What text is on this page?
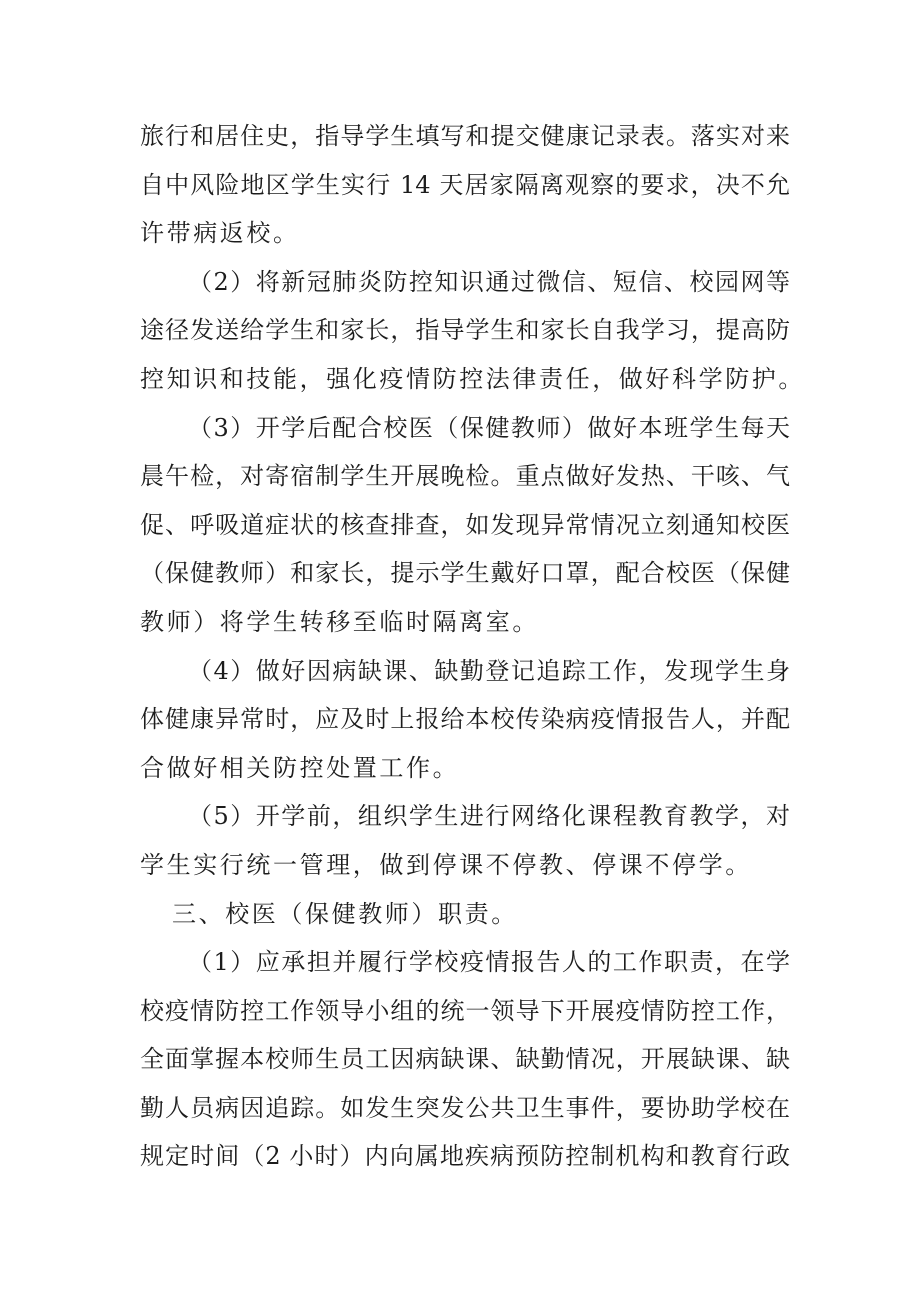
旅行和居住史，指导学生填写和提交健康记录表。落实对来
自中风险地区学生实行 14 天居家隔离观察的要求，决不允
许带病返校。
（2）将新冠肺炎防控知识通过微信、短信、校园网等
途径发送给学生和家长，指导学生和家长自我学习，提高防
控知识和技能，强化疫情防控法律责任，做好科学防护。
（3）开学后配合校医（保健教师）做好本班学生每天
晨午检，对寄宿制学生开展晚检。重点做好发热、干咳、气
促、呼吸道症状的核查排查，如发现异常情况立刻通知校医
（保健教师）和家长，提示学生戴好口罩，配合校医（保健
教师）将学生转移至临时隔离室。
（4）做好因病缺课、缺勤登记追踪工作，发现学生身
体健康异常时，应及时上报给本校传染病疫情报告人，并配
合做好相关防控处置工作。
（5）开学前，组织学生进行网络化课程教育教学，对
学生实行统一管理，做到停课不停教、停课不停学。
三、校医（保健教师）职责。
（1）应承担并履行学校疫情报告人的工作职责，在学
校疫情防控工作领导小组的统一领导下开展疫情防控工作，
全面掌握本校师生员工因病缺课、缺勤情况，开展缺课、缺
勤人员病因追踪。如发生突发公共卫生事件，要协助学校在
规定时间（2 小时）内向属地疾病预防控制机构和教育行政
